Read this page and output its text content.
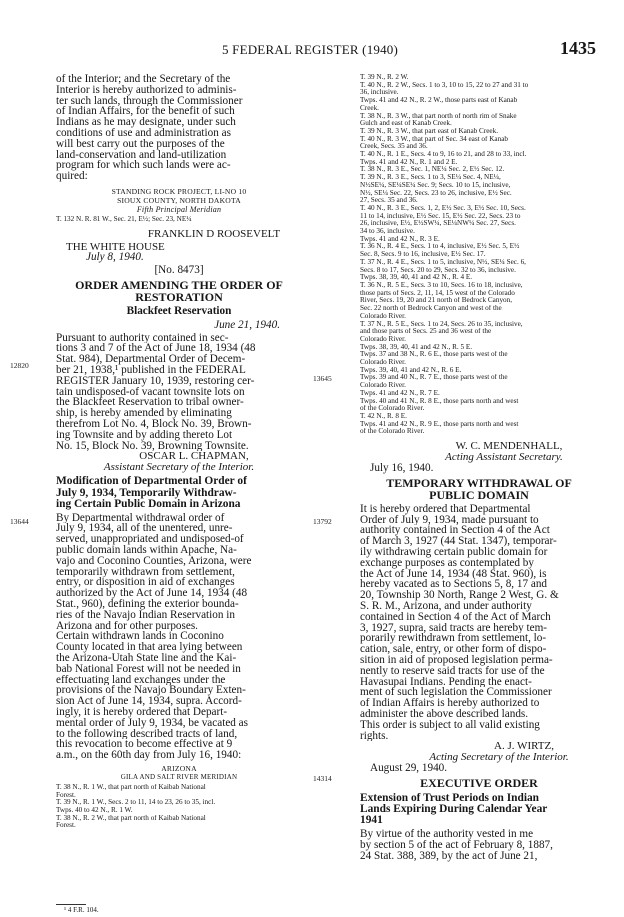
5 FEDERAL REGISTER (1940)	1435
12820
13644
13645
13792
14314
of the Interior; and the Secretary of the
Interior is hereby authorized to adminis-
ter such lands, through the Commissioner
of Indian Affairs, for the benefit of such
Indians as he may designate, under such
conditions of use and administration as
will best carry out the purposes of the
land-conservation and land-utilization
program for which such lands were ac-
quired:
STANDING ROCK PROJECT, LI-NO 10
SIOUX COUNTY, NORTH DAKOTA
Fifth Principal Meridian
T. 132 N. R. 81 W., Sec. 21, E½; Sec. 23, NE¼
FRANKLIN D ROOSEVELT
THE WHITE HOUSE
July 8, 1940.
[No. 8473]
ORDER AMENDING THE ORDER OF
RESTORATION
Blackfeet Reservation
June 21, 1940.
Pursuant to authority contained in sec-
tions 3 and 7 of the Act of June 18, 1934 (48
Stat. 984), Departmental Order of Decem-
ber 21, 1938,¹ published in the FEDERAL
REGISTER January 10, 1939, restoring cer-
tain undisposed-of vacant townsite lots on
the Blackfeet Reservation to tribal owner-
ship, is hereby amended by eliminating
therefrom Lot No. 4, Block No. 39, Brown-
ing Townsite and by adding thereto Lot
No. 15, Block No. 39, Browning Townsite.
OSCAR L. CHAPMAN,
Assistant Secretary of the Interior.
Modification of Departmental Order of
July 9, 1934, Temporarily Withdraw-
ing Certain Public Domain in Arizona
By Departmental withdrawal order of
July 9, 1934, all of the unentered, unre-
served, unappropriated and undisposed-of
public domain lands within Apache, Na-
vajo and Coconino Counties, Arizona, were
temporarily withdrawn from settlement,
entry, or disposition in aid of exchanges
authorized by the Act of June 14, 1934 (48
Stat., 960), defining the exterior bounda-
ries of the Navajo Indian Reservation in
Arizona and for other purposes.
Certain withdrawn lands in Coconino
County located in that area lying between
the Arizona-Utah State line and the Kai-
bab National Forest will not be needed in
effectuating land exchanges under the
provisions of the Navajo Boundary Exten-
sion Act of June 14, 1934, supra. Accord-
ingly, it is hereby ordered that Depart-
mental order of July 9, 1934, be vacated as
to the following described tracts of land,
this revocation to become effective at 9
a.m., on the 60th day from July 16, 1940:
ARIZONA
GILA AND SALT RIVER MERIDIAN
T. 38 N., R. 1 W., that part north of Kaibab National
Forest.
T. 39 N., R. 1 W., Secs. 2 to 11, 14 to 23, 26 to 35, incl.
Twps. 40 to 42 N., R. 1 W.
T. 38 N., R. 2 W., that part north of Kaibab National
Forest.
¹ 4 F.R. 104.
T. 39 N., R. 2 W.
T. 40 N., R. 2 W., Secs. 1 to 3, 10 to 15, 22 to 27 and 31 to
36, inclusive.
Twps. 41 and 42 N., R. 2 W., those parts east of Kanab
Creek.
T. 38 N., R. 3 W., that part north of north rim of Snake
Gulch and east of Kanab Creek.
T. 39 N., R. 3 W., that part east of Kanab Creek.
T. 40 N., R. 3 W., that part of Sec. 34 east of Kanab
Creek, Secs. 35 and 36.
T. 40 N., R. 1 E., Secs. 4 to 9, 16 to 21, and 28 to 33, incl.
Twps. 41 and 42 N., R. 1 and 2 E.
T. 38 N., R. 3 E., Sec. 1, NE¼ Sec. 2, E½ Sec. 12.
T. 39 N., R. 3 E., Secs. 1 to 3, SE¼ Sec. 4, NE¼,
N½SE¼, SE¼SE¼ Sec. 9; Secs. 10 to 15, inclusive,
N½, SE¼ Sec. 22, Secs. 23 to 26, inclusive, E½ Sec.
27, Secs. 35 and 36.
T. 40 N., R. 3 E., Secs. 1, 2, E½ Sec. 3, E½ Sec. 10, Secs.
11 to 14, inclusive, E½ Sec. 15, E½ Sec. 22, Secs. 23 to
26, inclusive, E½, E½SW¼, SE¼NW¼ Sec. 27, Secs.
34 to 36, inclusive.
Twps. 41 and 42 N., R. 3 E.
T. 36 N., R. 4 E., Secs. 1 to 4, inclusive, E½ Sec. 5, E½
Sec. 8, Secs. 9 to 16, inclusive, E½ Sec. 17.
T. 37 N., R. 4 E., Secs. 1 to 5, inclusive, N½, SE¼ Sec. 6,
Secs. 8 to 17, Secs. 20 to 29, Secs. 32 to 36, inclusive.
Twps. 38, 39, 40, 41 and 42 N., R. 4 E.
T. 36 N., R. 5 E., Secs. 3 to 10, Secs. 16 to 18, inclusive,
those parts of Secs. 2, 11, 14, 15 west of the Colorado
River, Secs. 19, 20 and 21 north of Bedrock Canyon,
Sec. 22 north of Bedrock Canyon and west of the
Colorado River.
T. 37 N., R. 5 E., Secs. 1 to 24, Secs. 26 to 35, inclusive,
and those parts of Secs. 25 and 36 west of the
Colorado River.
Twps. 38, 39, 40, 41 and 42 N., R. 5 E.
Twps. 37 and 38 N., R. 6 E., those parts west of the
Colorado River.
Twps. 39, 40, 41 and 42 N., R. 6 E.
Twps. 39 and 40 N., R. 7 E., those parts west of the
Colorado River.
Twps. 41 and 42 N., R. 7 E.
Twps. 40 and 41 N., R. 8 E., those parts north and west
of the Colorado River.
T. 42 N., R. 8 E.
Twps. 41 and 42 N., R. 9 E., those parts north and west
of the Colorado River.
W. C. MENDENHALL,
Acting Assistant Secretary.
July 16, 1940.
TEMPORARY WITHDRAWAL OF
PUBLIC DOMAIN
It is hereby ordered that Departmental
Order of July 9, 1934, made pursuant to
authority contained in Section 4 of the Act
of March 3, 1927 (44 Stat. 1347), temporar-
ily withdrawing certain public domain for
exchange purposes as contemplated by
the Act of June 14, 1934 (48 Stat. 960), is
hereby vacated as to Sections 5, 8, 17 and
20, Township 30 North, Range 2 West, G. &
S. R. M., Arizona, and under authority
contained in Section 4 of the Act of March
3, 1927, supra, said tracts are hereby tem-
porarily rewithdrawn from settlement, lo-
cation, sale, entry, or other form of dispo-
sition in aid of proposed legislation perma-
nently to reserve said tracts for use of the
Havasupai Indians. Pending the enact-
ment of such legislation the Commissioner
of Indian Affairs is hereby authorized to
administer the above described lands.
This order is subject to all valid existing
rights.
A. J. WIRTZ,
Acting Secretary of the Interior.
August 29, 1940.
EXECUTIVE ORDER
Extension of Trust Periods on Indian
Lands Expiring During Calendar Year
1941
By virtue of the authority vested in me
by section 5 of the act of February 8, 1887,
24 Stat. 388, 389, by the act of June 21,
